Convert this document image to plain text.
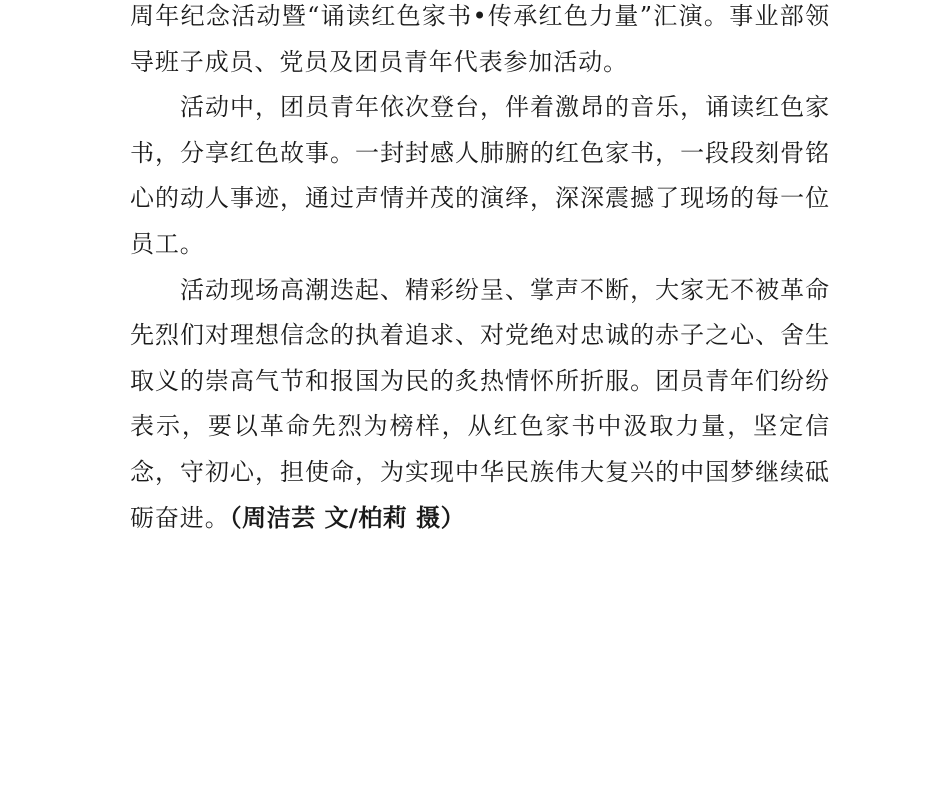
周年纪念活动暨“诵读红色家书•传承红色力量”汇演。事业部领导班子成员、党员及团员青年代表参加活动。

活动中，团员青年依次登台，伴着激昂的音乐，诵读红色家书，分享红色故事。一封封感人肺腑的红色家书，一段段刻骨铭心的动人事迹，通过声情并茂的演绎，深深震撼了现场的每一位员工。

活动现场高潮迭起、精彩纷呈、掌声不断，大家无不被革命先烈们对理想信念的执着追求、对党绝对忠诚的赤子之心、舍生取义的崇高气节和报国为民的炙热情怀所折服。团员青年们纷纷表示，要以革命先烈为榜样，从红色家书中汲取力量，坚定信念，守初心，担使命，为实现中华民族伟大复兴的中国梦继续砥砺奋进。（周洁芸 文/柏莉 摄）
